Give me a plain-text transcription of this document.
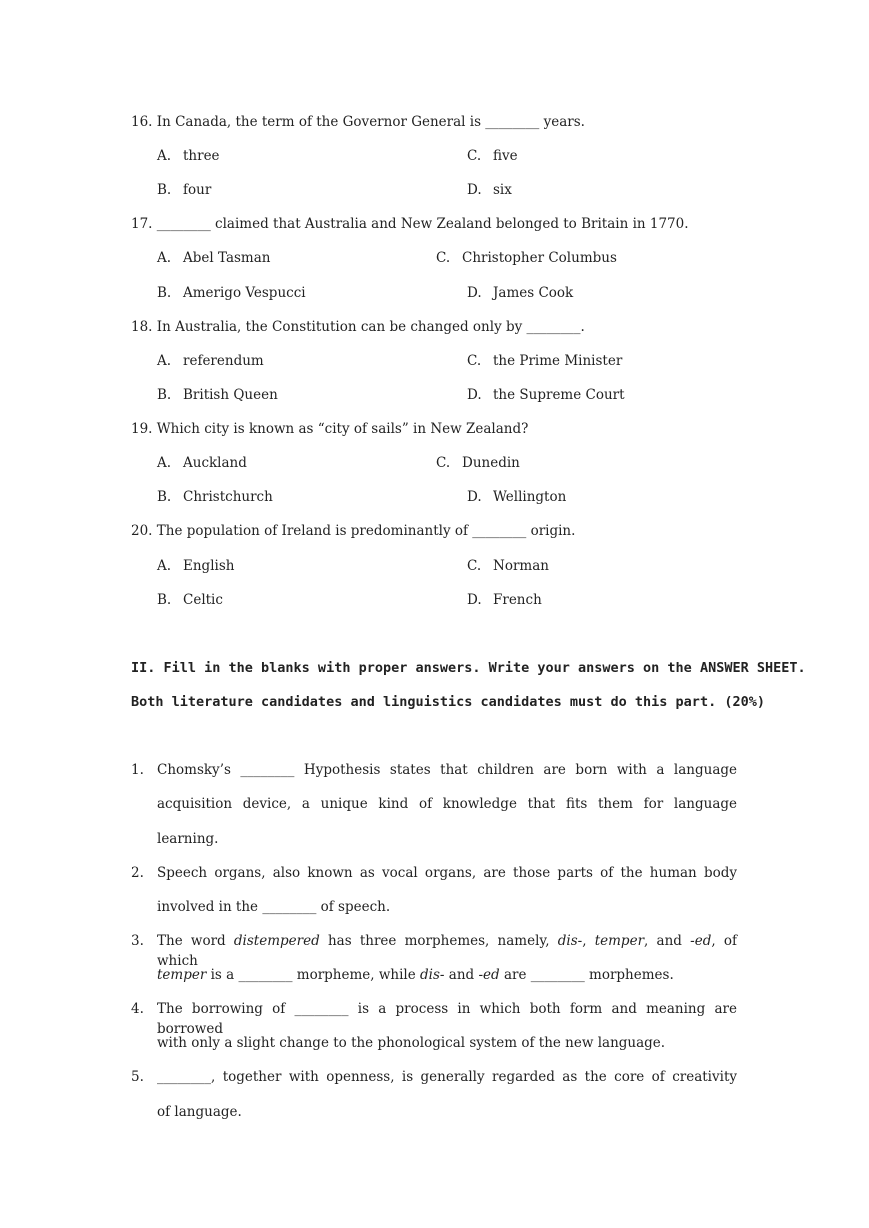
16. In Canada, the term of the Governor General is ________ years.
A. three	C. five
B. four	D. six
17. ________ claimed that Australia and New Zealand belonged to Britain in 1770.
A. Abel Tasman	C. Christopher Columbus
B. Amerigo Vespucci	D. James Cook
18. In Australia, the Constitution can be changed only by ________.
A. referendum	C. the Prime Minister
B. British Queen	D. the Supreme Court
19. Which city is known as “city of sails” in New Zealand?
A. Auckland	C. Dunedin
B. Christchurch	D. Wellington
20. The population of Ireland is predominantly of ________ origin.
A. English	C. Norman
B. Celtic	D. French
II. Fill in the blanks with proper answers. Write your answers on the ANSWER SHEET.
Both literature candidates and linguistics candidates must do this part. (20%)
1. Chomsky’s ________ Hypothesis states that children are born with a language
acquisition device, a unique kind of knowledge that fits them for language
learning.
2. Speech organs, also known as vocal organs, are those parts of the human body
involved in the ________ of speech.
3. The word distempered has three morphemes, namely, dis-, temper, and -ed, of which
temper is a ________ morpheme, while dis- and -ed are ________ morphemes.
4. The borrowing of ________ is a process in which both form and meaning are borrowed
with only a slight change to the phonological system of the new language.
5. ________, together with openness, is generally regarded as the core of creativity
of language.
